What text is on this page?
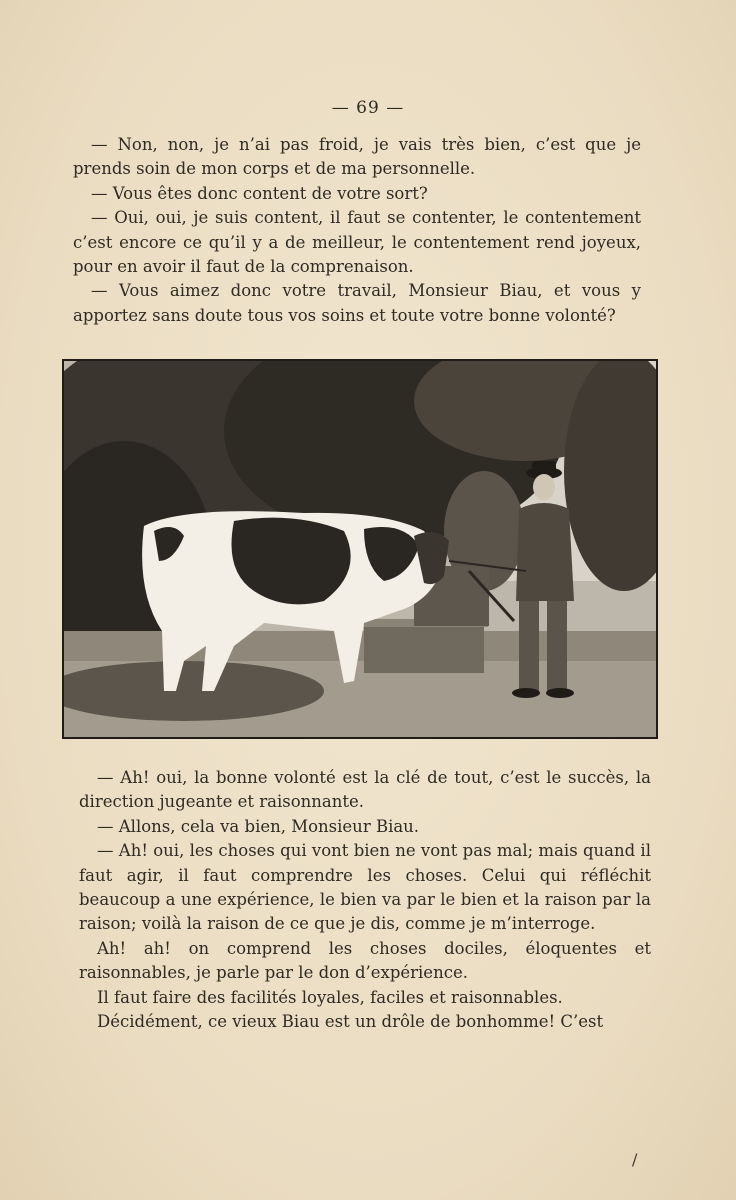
— 69 —

— Non, non, je n’ai pas froid, je vais très bien, c’est que je prends soin de mon corps et de ma personnelle.

— Vous êtes donc content de votre sort?

— Oui, oui, je suis content, il faut se contenter, le contentement c’est encore ce qu’il y a de meilleur, le contentement rend joyeux, pour en avoir il faut de la comprenaison.

— Vous aimez donc votre travail, Monsieur Biau, et vous y apportez sans doute tous vos soins et toute votre bonne volonté?

— Ah! oui, la bonne volonté est la clé de tout, c’est le succès, la direction jugeante et raisonnante.

— Allons, cela va bien, Monsieur Biau.

— Ah! oui, les choses qui vont bien ne vont pas mal; mais quand il faut agir, il faut comprendre les choses. Celui qui réfléchit beaucoup a une expérience, le bien va par le bien et la raison par la raison; voilà la raison de ce que je dis, comme je m’interroge.

Ah! ah! on comprend les choses dociles, éloquentes et raisonnables, je parle par le don d’expérience.

Il faut faire des facilités loyales, faciles et raisonnables.

Décidément, ce vieux Biau est un drôle de bonhomme! C’est

/
